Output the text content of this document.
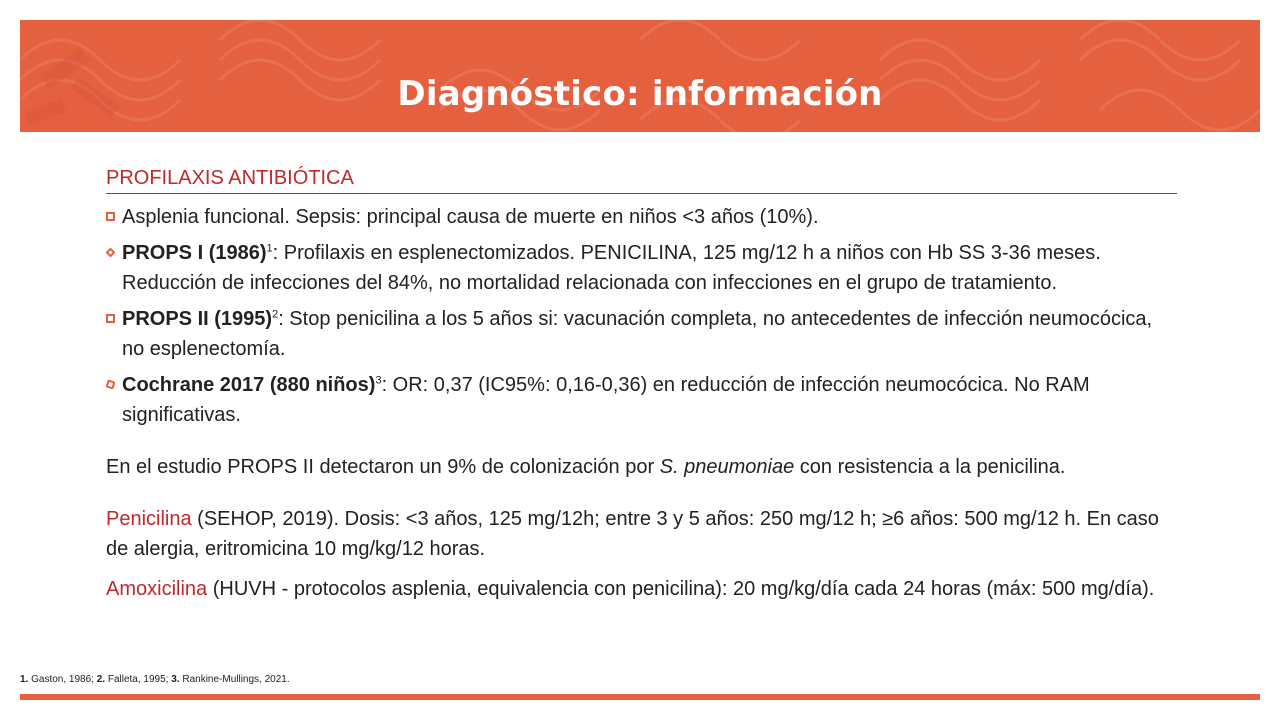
Diagnóstico: información
PROFILAXIS ANTIBIÓTICA
Asplenia funcional. Sepsis: principal causa de muerte en niños <3 años (10%).
PROPS I $(1986)^1$: Profilaxis en esplenectomizados. PENICILINA, 125 mg/12 h a niños con Hb SS 3-36 meses. Reducción de infecciones del 84%, no mortalidad relacionada con infecciones en el grupo de tratamiento.
PROPS II $(1995)^2$: Stop penicilina a los 5 años si: vacunación completa, no antecedentes de infección neumocócica, no esplenectomía.
Cochrane 2017 (880 niños)$^3$: OR: 0,37 (IC95%: 0,16-0,36) en reducción de infección neumocócica. No RAM significativas.

En el estudio PROPS II detectaron un 9% de colonización por S. pneumoniae con resistencia a la penicilina.

Penicilina (SEHOP, 2019). Dosis: <3 años, 125 mg/12h; entre 3 y 5 años: 250 mg/12 h; ≥6 años: 500 mg/12 h. En caso de alergia, eritromicina 10 mg/kg/12 horas.

Amoxicilina (HUVH - protocolos asplenia, equivalencia con penicilina): 20 mg/kg/día cada 24 horas (máx: 500 mg/día).

1. Gaston, 1986; 2. Falleta, 1995; 3. Rankine-Mullings, 2021.
